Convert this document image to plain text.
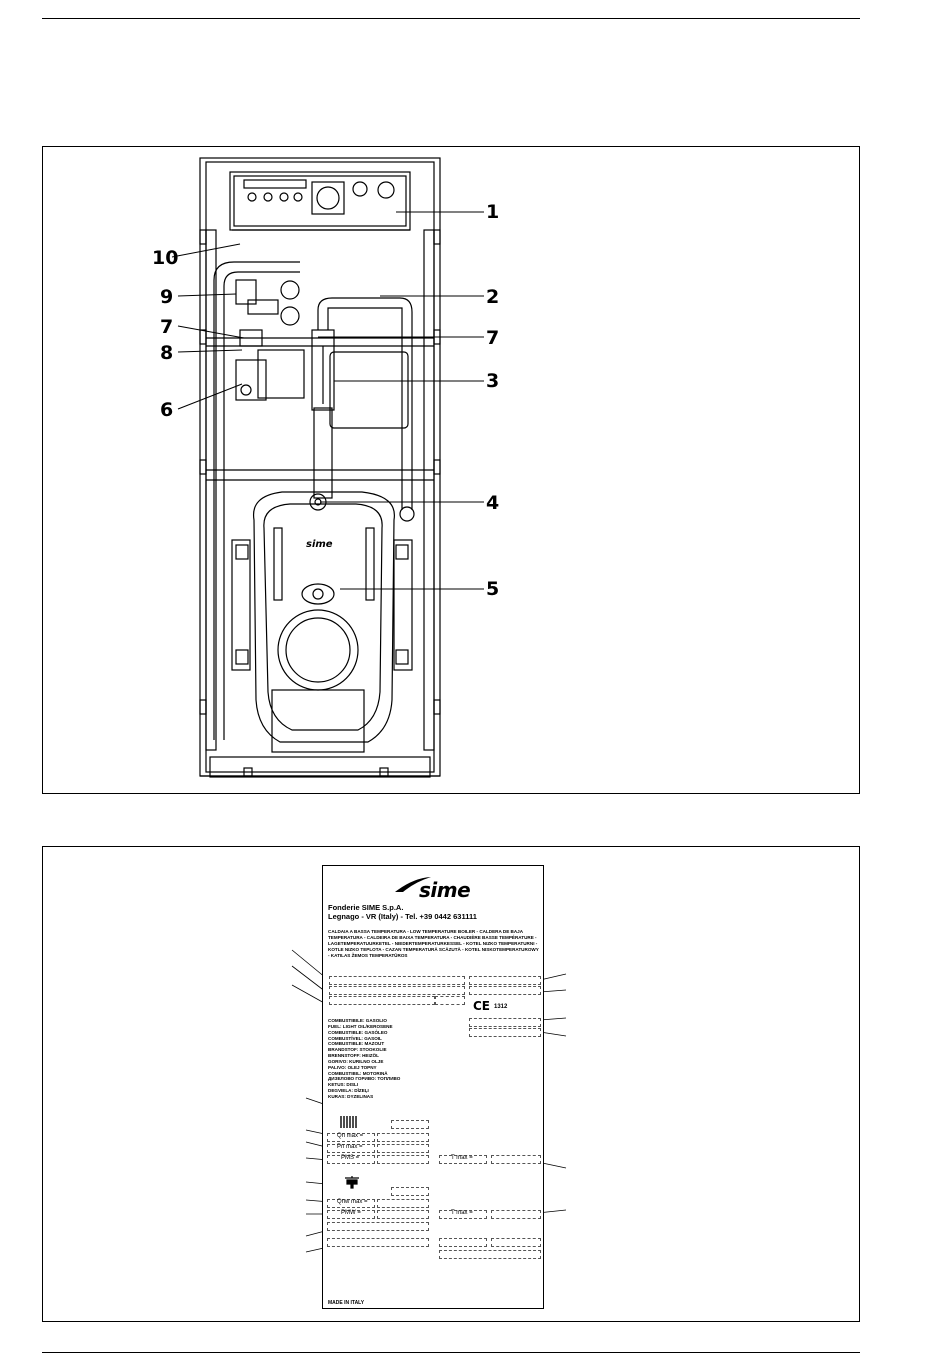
1
2
7
3
4
5
10
9
7
8
6
sime
sime
Fonderie SIME S.p.A.
Legnago - VR (Italy) - Tel. +39 0442 631111
CALDAIA A BASSA TEMPERATURA - LOW TEMPERATURE BOILER - CALDERA DE BAJA TEMPERATURA - CALDEIRA DE BAIXA TEMPERATURA - CHAUDIÈRE BASSE TEMPÉRATURE - LAGETEMPERATUURKETEL - NIEDERTEMPERATURKESSEL - KOTEL NIZKO TEMPERATURNI - KOTLE NIZKO TEPLOTA - CAZAN TEMPERATURĂ SCĂZUTĂ - KOTEL NISKOTEMPERATUROWY - KATILAS ŽEMOS TEMPERATŪROS
CE 1312
COMBUSTIBILE: GASOLIO
FUEL: LIGHT OIL/KEROSENE
COMBUSTIBLE: GASÓLEO
COMBUSTÍVEL: GASOIL
COMBUSTIBLE: MAZOUT
BRANDSTOF: STOOKOLIE
BRENNSTOFF: HEIZÖL
GORIVO: KURILNO OLJE
PALIVO: OLEJ TOPNY
COMBUSTIBIL: MOTORINĂ
ДИЗЕЛОВО ГОРИВО: ТОПЛИВО
KETUS: DISLI
DEGVIELA: DĪZEĻI
KURAS: DYZELINAS
Qn max =
Pn max =
PMS =	T max =
Qnw max =
PMW =	T max =
MADE IN ITALY
